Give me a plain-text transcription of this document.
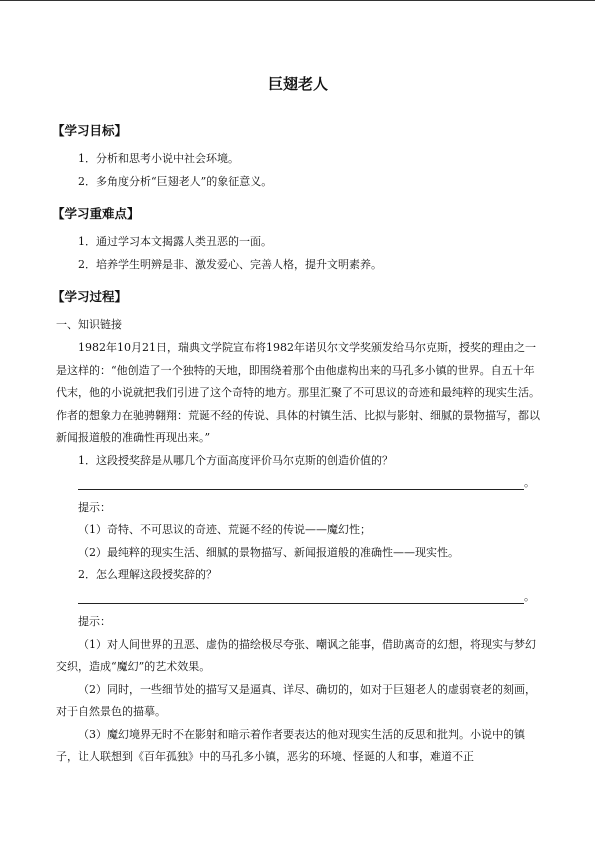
巨翅老人

【学习目标】

1．分析和思考小说中社会环境。

2．多角度分析“巨翅老人”的象征意义。

【学习重难点】

1．通过学习本文揭露人类丑恶的一面。

2．培养学生明辨是非、激发爱心、完善人格，提升文明素养。

【学习过程】

一、知识链接

1982年10月21日，瑞典文学院宣布将1982年诺贝尔文学奖颁发给马尔克斯，授奖的理由之一是这样的：“他创造了一个独特的天地，即围绕着那个由他虚构出来的马孔多小镇的世界。自五十年代末，他的小说就把我们引进了这个奇特的地方。那里汇聚了不可思议的奇迹和最纯粹的现实生活。作者的想象力在驰骋翱翔：荒诞不经的传说、具体的村镇生活、比拟与影射、细腻的景物描写，都以新闻报道般的准确性再现出来。”

1．这段授奖辞是从哪几个方面高度评价马尔克斯的创造价值的？

。

提示：

（1）奇特、不可思议的奇迹、荒诞不经的传说——魔幻性；

（2）最纯粹的现实生活、细腻的景物描写、新闻报道般的准确性——现实性。

2．怎么理解这段授奖辞的？

。

提示：

（1）对人间世界的丑恶、虚伪的描绘极尽夸张、嘲讽之能事，借助离奇的幻想，将现实与梦幻交织，造成“魔幻”的艺术效果。

（2）同时，一些细节处的描写又是逼真、详尽、确切的，如对于巨翅老人的虚弱衰老的刻画，对于自然景色的描摹。

（3）魔幻境界无时不在影射和暗示着作者要表达的他对现实生活的反思和批判。小说中的镇子，让人联想到《百年孤独》中的马孔多小镇，恶劣的环境、怪诞的人和事，难道不正
